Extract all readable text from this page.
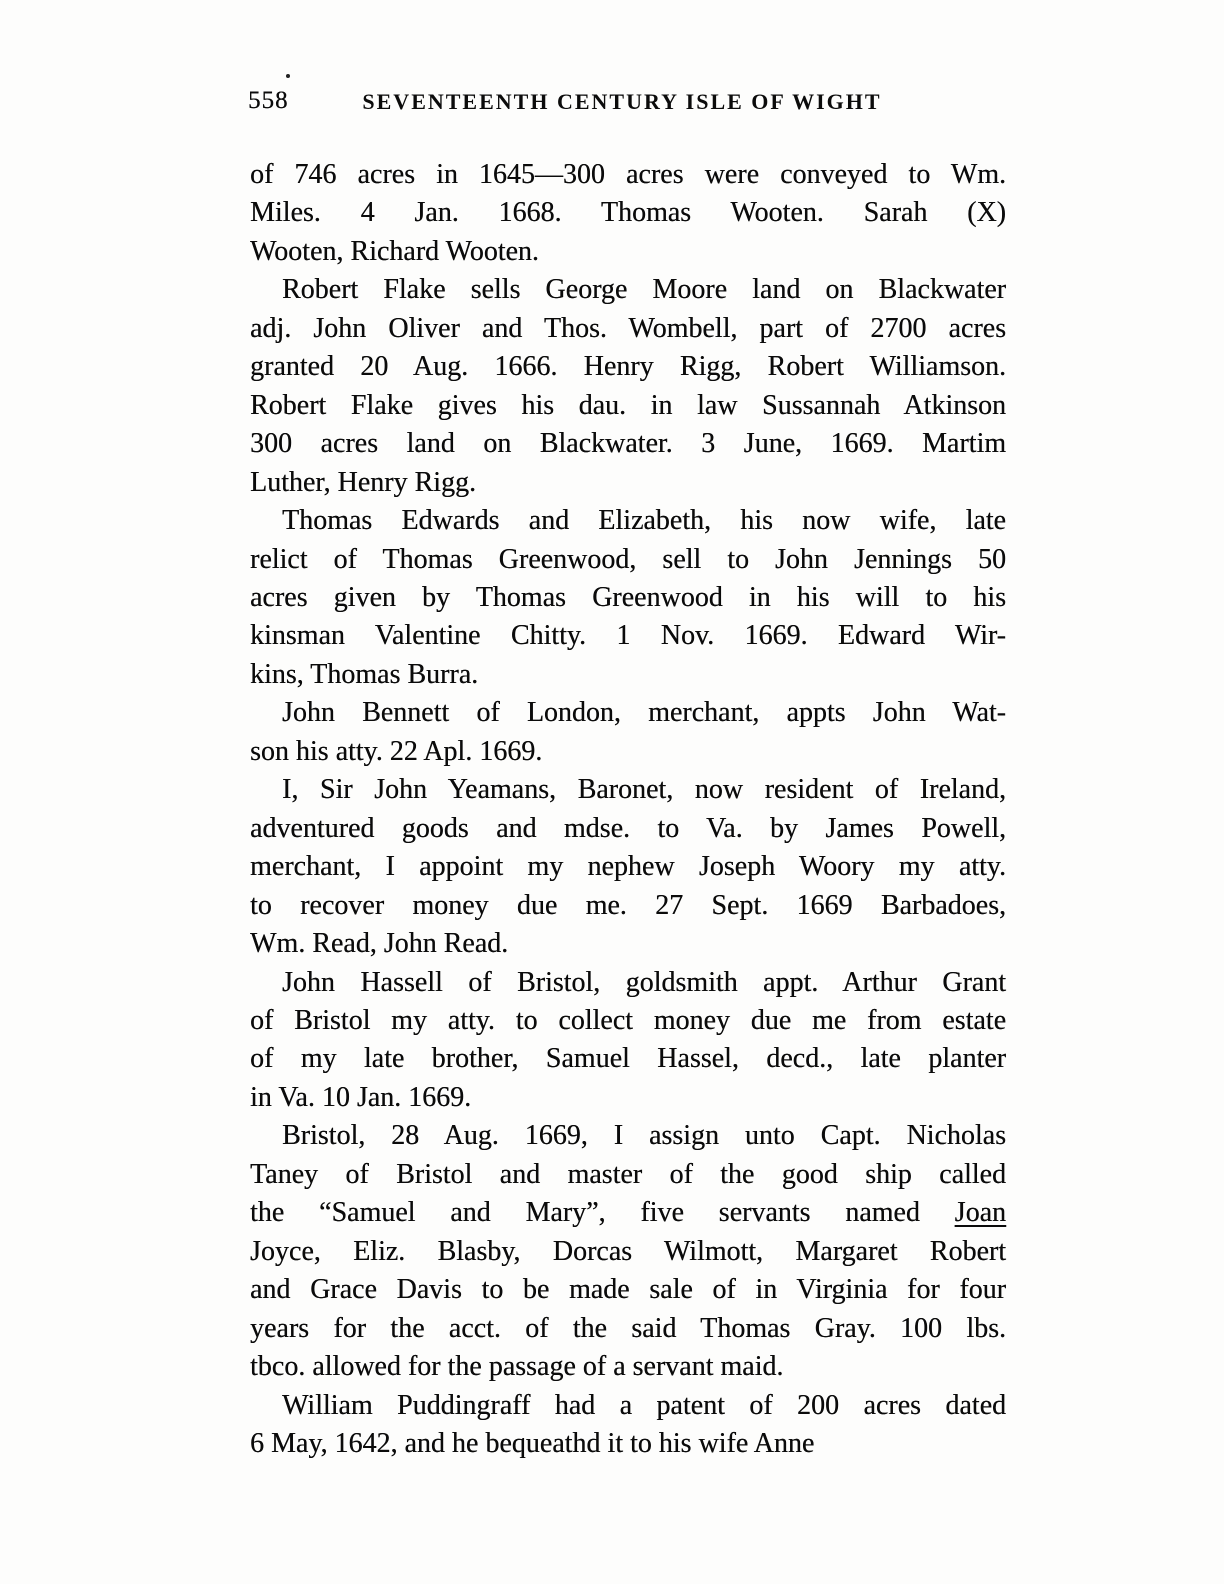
558	SEVENTEENTH CENTURY ISLE OF WIGHT
of 746 acres in 1645—300 acres were conveyed to Wm.
Miles. 4 Jan. 1668. Thomas Wooten. Sarah (X)
Wooten, Richard Wooten.
Robert Flake sells George Moore land on Blackwater
adj. John Oliver and Thos. Wombell, part of 2700 acres
granted 20 Aug. 1666. Henry Rigg, Robert Williamson.
Robert Flake gives his dau. in law Sussannah Atkinson
300 acres land on Blackwater. 3 June, 1669. Martim
Luther, Henry Rigg.
Thomas Edwards and Elizabeth, his now wife, late
relict of Thomas Greenwood, sell to John Jennings 50
acres given by Thomas Greenwood in his will to his
kinsman Valentine Chitty. 1 Nov. 1669. Edward Wir-
kins, Thomas Burra.
John Bennett of London, merchant, appts John Wat-
son his atty. 22 Apl. 1669.
I, Sir John Yeamans, Baronet, now resident of Ireland,
adventured goods and mdse. to Va. by James Powell,
merchant, I appoint my nephew Joseph Woory my atty.
to recover money due me. 27 Sept. 1669 Barbadoes,
Wm. Read, John Read.
John Hassell of Bristol, goldsmith appt. Arthur Grant
of Bristol my atty. to collect money due me from estate
of my late brother, Samuel Hassel, decd., late planter
in Va. 10 Jan. 1669.
Bristol, 28 Aug. 1669, I assign unto Capt. Nicholas
Taney of Bristol and master of the good ship called
the “Samuel and Mary”, five servants named Joan
Joyce, Eliz. Blasby, Dorcas Wilmott, Margaret Robert
and Grace Davis to be made sale of in Virginia for four
years for the acct. of the said Thomas Gray. 100 lbs.
tbco. allowed for the passage of a servant maid.
William Puddingraff had a patent of 200 acres dated
6 May, 1642, and he bequeathd it to his wife Anne
